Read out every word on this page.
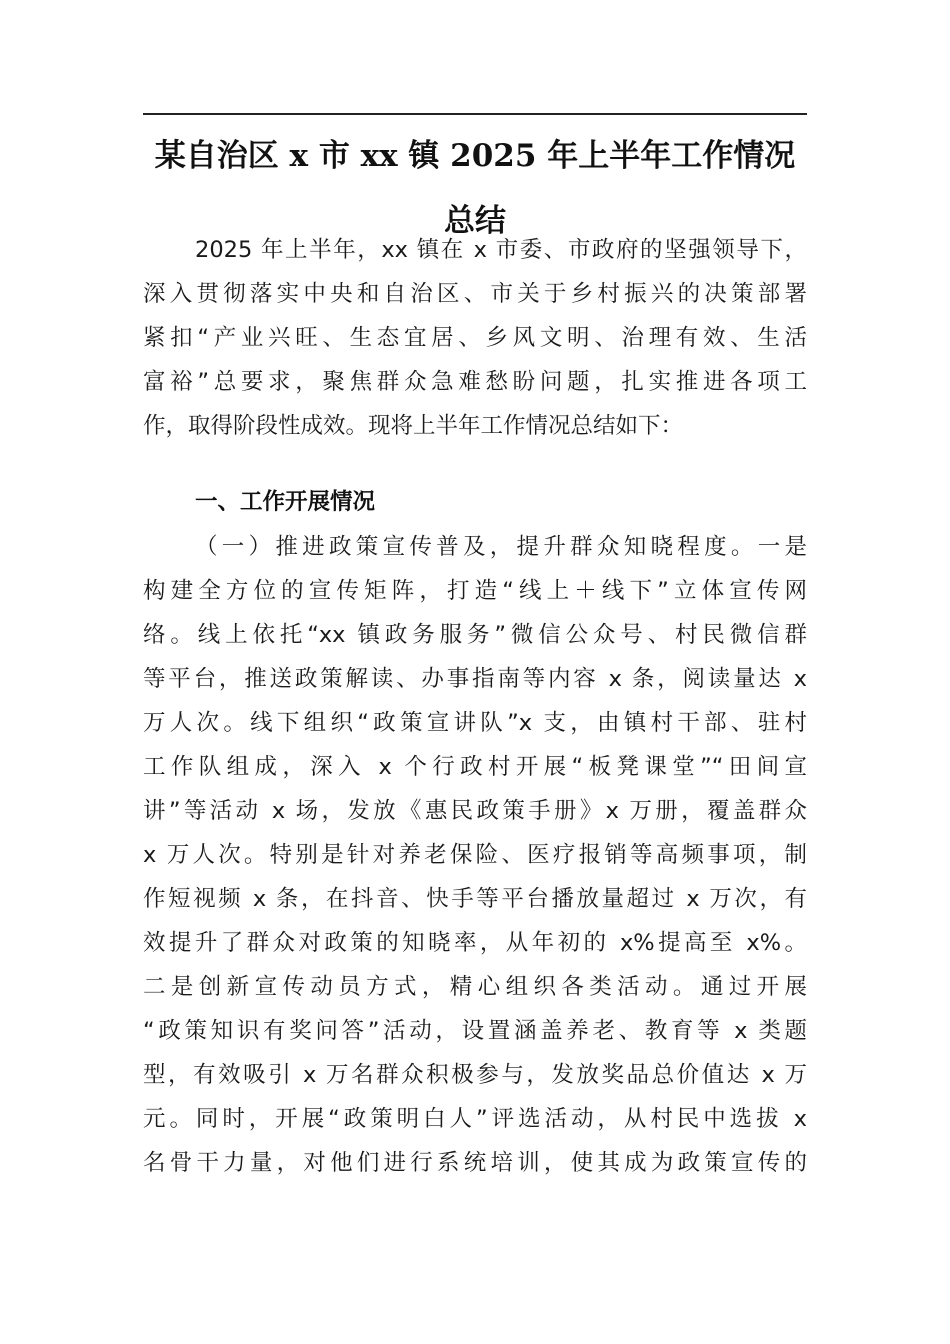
某自治区 x 市 xx 镇 2025 年上半年工作情况
总结
2025 年上半年，xx 镇在 x 市委、市政府的坚强领导下，
深入贯彻落实中央和自治区、市关于乡村振兴的决策部署
紧扣“产业兴旺、生态宜居、乡风文明、治理有效、生活
富裕”总要求，聚焦群众急难愁盼问题，扎实推进各项工
作，取得阶段性成效。现将上半年工作情况总结如下：
一、工作开展情况
（一）推进政策宣传普及，提升群众知晓程度。一是
构建全方位的宣传矩阵，打造“线上＋线下”立体宣传网
络。线上依托“xx 镇政务服务”微信公众号、村民微信群
等平台，推送政策解读、办事指南等内容 x 条，阅读量达 x
万人次。线下组织“政策宣讲队”x 支，由镇村干部、驻村
工作队组成，深入 x 个行政村开展“板凳课堂”“田间宣
讲”等活动 x 场，发放《惠民政策手册》x 万册，覆盖群众
x 万人次。特别是针对养老保险、医疗报销等高频事项，制
作短视频 x 条，在抖音、快手等平台播放量超过 x 万次，有
效提升了群众对政策的知晓率，从年初的 x%提高至 x%。
二是创新宣传动员方式，精心组织各类活动。通过开展
“政策知识有奖问答”活动，设置涵盖养老、教育等 x 类题
型，有效吸引 x 万名群众积极参与，发放奖品总价值达 x 万
元。同时，开展“政策明白人”评选活动，从村民中选拔 x
名骨干力量，对他们进行系统培训，使其成为政策宣传的
